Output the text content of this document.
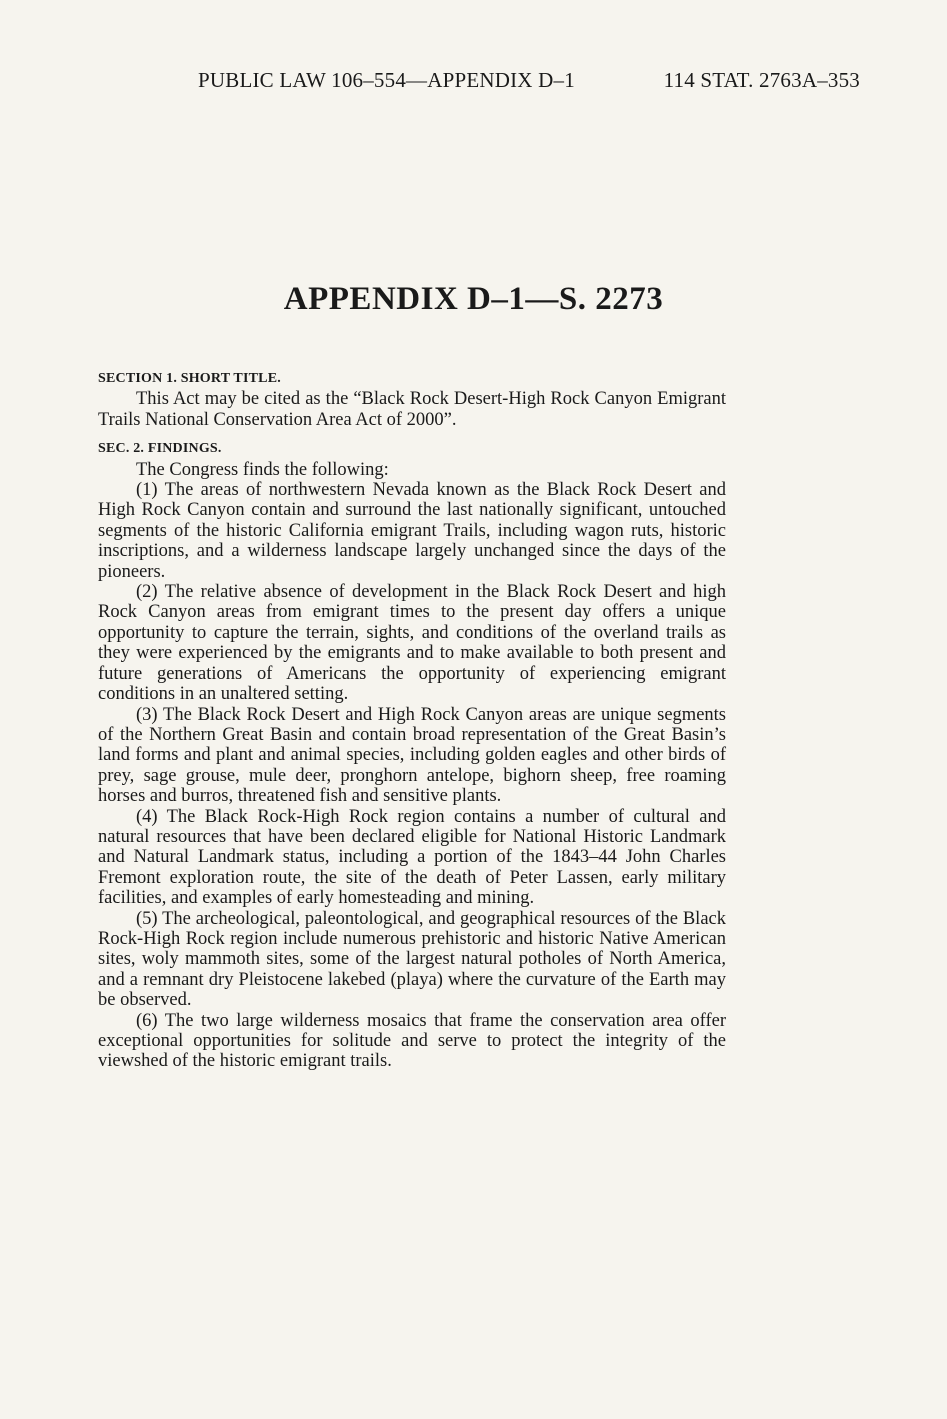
PUBLIC LAW 106–554—APPENDIX D–1	114 STAT. 2763A–353
APPENDIX D–1—S. 2273

SECTION 1. SHORT TITLE.

This Act may be cited as the “Black Rock Desert-High Rock Canyon Emigrant Trails National Conservation Area Act of 2000”.

SEC. 2. FINDINGS.

The Congress finds the following:

(1) The areas of northwestern Nevada known as the Black Rock Desert and High Rock Canyon contain and surround the last nationally significant, untouched segments of the historic California emigrant Trails, including wagon ruts, historic inscriptions, and a wilderness landscape largely unchanged since the days of the pioneers.

(2) The relative absence of development in the Black Rock Desert and high Rock Canyon areas from emigrant times to the present day offers a unique opportunity to capture the terrain, sights, and conditions of the overland trails as they were experienced by the emigrants and to make available to both present and future generations of Americans the opportunity of experiencing emigrant conditions in an unaltered setting.

(3) The Black Rock Desert and High Rock Canyon areas are unique segments of the Northern Great Basin and contain broad representation of the Great Basin’s land forms and plant and animal species, including golden eagles and other birds of prey, sage grouse, mule deer, pronghorn antelope, bighorn sheep, free roaming horses and burros, threatened fish and sensitive plants.

(4) The Black Rock-High Rock region contains a number of cultural and natural resources that have been declared eligible for National Historic Landmark and Natural Landmark status, including a portion of the 1843–44 John Charles Fremont exploration route, the site of the death of Peter Lassen, early military facilities, and examples of early homesteading and mining.

(5) The archeological, paleontological, and geographical resources of the Black Rock-High Rock region include numerous prehistoric and historic Native American sites, woly mammoth sites, some of the largest natural potholes of North America, and a remnant dry Pleistocene lakebed (playa) where the curvature of the Earth may be observed.

(6) The two large wilderness mosaics that frame the conservation area offer exceptional opportunities for solitude and serve to protect the integrity of the viewshed of the historic emigrant trails.
